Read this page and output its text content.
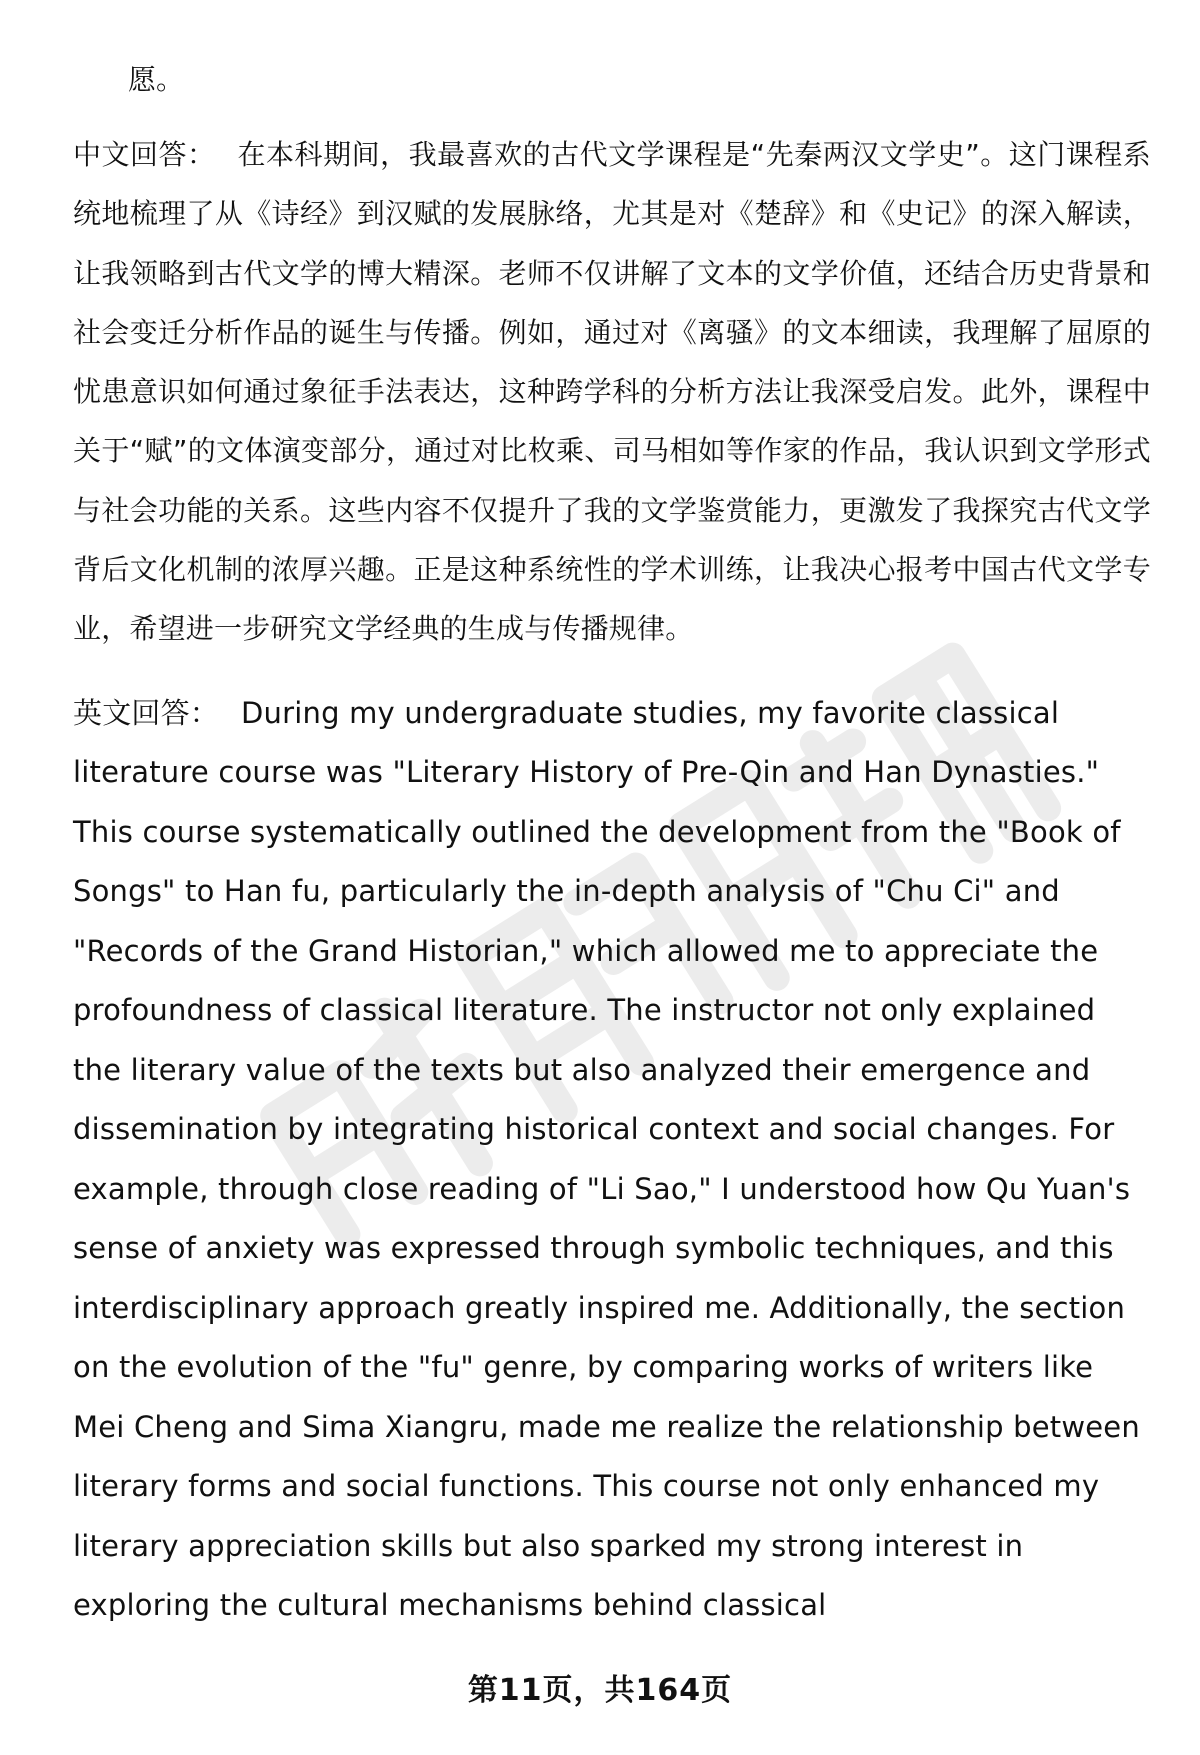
愿。

中文回答： 在本科期间，我最喜欢的古代文学课程是“先秦两汉文学史”。这门课程系统地梳理了从《诗经》到汉赋的发展脉络，尤其是对《楚辞》和《史记》的深入解读，让我领略到古代文学的博大精深。老师不仅讲解了文本的文学价值，还结合历史背景和社会变迁分析作品的诞生与传播。例如，通过对《离骚》的文本细读，我理解了屈原的忧患意识如何通过象征手法表达，这种跨学科的分析方法让我深受启发。此外，课程中关于“赋”的文体演变部分，通过对比枚乘、司马相如等作家的作品，我认识到文学形式与社会功能的关系。这些内容不仅提升了我的文学鉴赏能力，更激发了我探究古代文学背后文化机制的浓厚兴趣。正是这种系统性的学术训练，让我决心报考中国古代文学专业，希望进一步研究文学经典的生成与传播规律。

英文回答： During my undergraduate studies, my favorite classical literature course was "Literary History of Pre-Qin and Han Dynasties." This course systematically outlined the development from the "Book of Songs" to Han fu, particularly the in-depth analysis of "Chu Ci" and "Records of the Grand Historian," which allowed me to appreciate the profoundness of classical literature. The instructor not only explained the literary value of the texts but also analyzed their emergence and dissemination by integrating historical context and social changes. For example, through close reading of "Li Sao," I understood how Qu Yuan's sense of anxiety was expressed through symbolic techniques, and this interdisciplinary approach greatly inspired me. Additionally, the section on the evolution of the "fu" genre, by comparing works of writers like Mei Cheng and Sima Xiangru, made me realize the relationship between literary forms and social functions. This course not only enhanced my literary appreciation skills but also sparked my strong interest in exploring the cultural mechanisms behind classical

第11页，共164页
